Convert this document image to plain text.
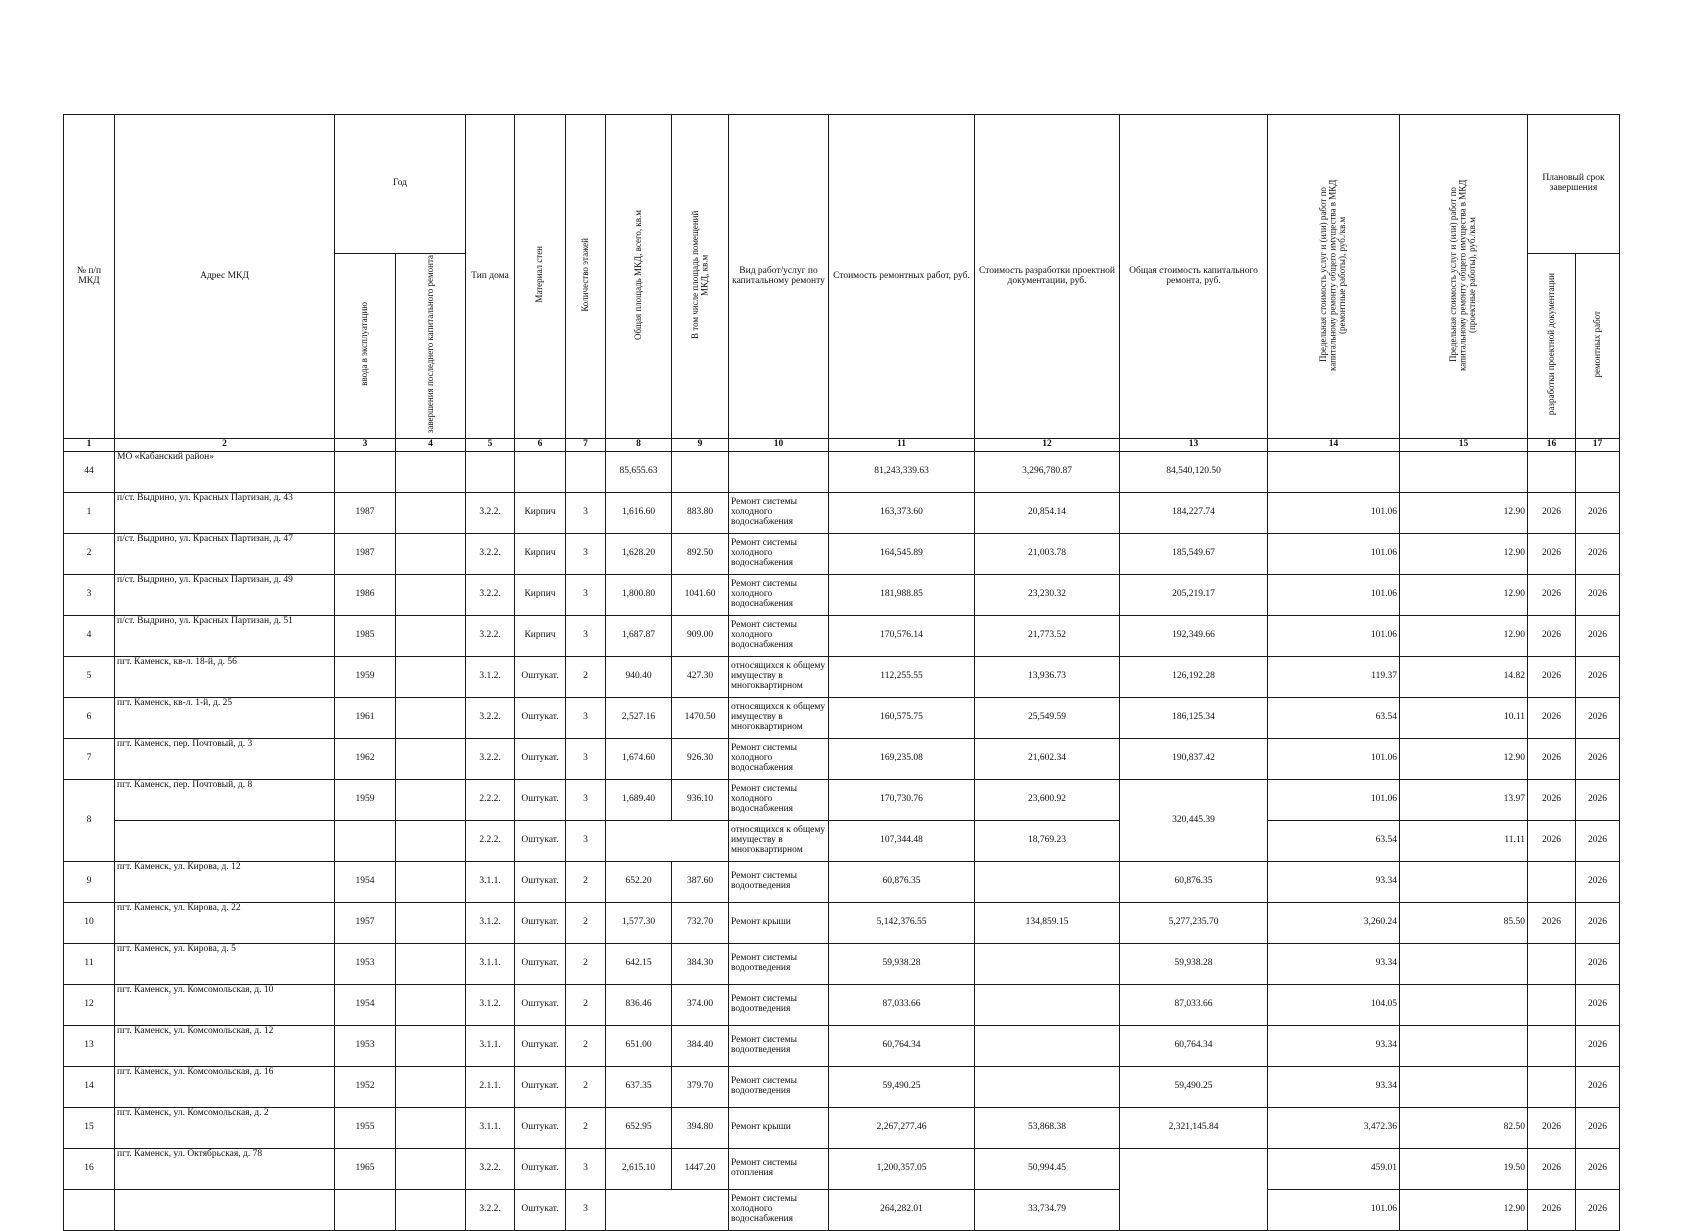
№ п/п МКД	Адрес МКД	Год		Тип дома	Материал стен	Количество этажей	Общая площадь МКД, всего, кв.м	В том числе площадь помещений МКД, кв.м	Вид работ/услуг по капитальному ремонту	Стоимость ремонтных работ, руб.	Стоимость разработки проектной документации, руб.	Общая стоимость капитального ремонта, руб.	Предельная стоимость услуг и (или) работ по капитальному ремонту общего имущества в МКД (ремонтные работы), руб./кв.м	Предельная стоимость услуг и (или) работ по капитальному ремонту общего имущества в МКД (проектные работы), руб./кв.м	Плановый срок завершения	
		ввода в эксплуатацию	завершения последнего капитального ремонта												разработки проектной документации	ремонтных работ
1	2	3	4	5	6	7	8	9	10	11	12	13	14	15	16	17
44	МО «Кабанский район»						85,655.63			81,243,339.63	3,296,780.87	84,540,120.50				
1	п/ст. Выдрино, ул. Красных Партизан, д. 43	1987		3.2.2.	Кирпич	3	1,616.60	883.80	Ремонт системы холодного водоснабжения	163,373.60	20,854.14	184,227.74	101.06	12.90	2026	2026
2	п/ст. Выдрино, ул. Красных Партизан, д. 47	1987		3.2.2.	Кирпич	3	1,628.20	892.50	Ремонт системы холодного водоснабжения	164,545.89	21,003.78	185,549.67	101.06	12.90	2026	2026
3	п/ст. Выдрино, ул. Красных Партизан, д. 49	1986		3.2.2.	Кирпич	3	1,800.80	1041.60	Ремонт системы холодного водоснабжения	181,988.85	23,230.32	205,219.17	101.06	12.90	2026	2026
4	п/ст. Выдрино, ул. Красных Партизан, д. 51	1985		3.2.2.	Кирпич	3	1,687.87	909.00	Ремонт системы холодного водоснабжения	170,576.14	21,773.52	192,349.66	101.06	12.90	2026	2026
5	пгт. Каменск, кв-л. 18-й, д. 56	1959		3.1.2.	Оштукат.	2	940.40	427.30	относящихся к общему имуществу в многоквартирном	112,255.55	13,936.73	126,192.28	119.37	14.82	2026	2026
6	пгт. Каменск, кв-л. 1-й, д. 25	1961		3.2.2.	Оштукат.	3	2,527.16	1470.50	относящихся к общему имуществу в многоквартирном	160,575.75	25,549.59	186,125.34	63.54	10.11	2026	2026
7	пгт. Каменск, пер. Почтовый, д. 3	1962		3.2.2.	Оштукат.	3	1,674.60	926.30	Ремонт системы холодного водоснабжения	169,235.08	21,602.34	190,837.42	101.06	12.90	2026	2026
8	пгт. Каменск, пер. Почтовый, д. 8	1959		2.2.2.	Оштукат.	3	1,689.40	936.10	Ремонт системы холодного водоснабжения	170,730.76	23,600.92	320,445.39	101.06	13.97	2026	2026
				2.2.2.	Оштукат.	3			относящихся к общему имуществу в многоквартирном	107,344.48	18,769.23		63.54	11.11	2026	2026
9	пгт. Каменск, ул. Кирова, д. 12	1954		3.1.1.	Оштукат.	2	652.20	387.60	Ремонт системы водоотведения	60,876.35		60,876.35	93.34			2026
10	пгт. Каменск, ул. Кирова, д. 22	1957		3.1.2.	Оштукат.	2	1,577.30	732.70	Ремонт крыши	5,142,376.55	134,859.15	5,277,235.70	3,260.24	85.50	2026	2026
11	пгт. Каменск, ул. Кирова, д. 5	1953		3.1.1.	Оштукат.	2	642.15	384.30	Ремонт системы водоотведения	59,938.28		59,938.28	93.34			2026
12	пгт. Каменск, ул. Комсомольская, д. 10	1954		3.1.2.	Оштукат.	2	836.46	374.00	Ремонт системы водоотведения	87,033.66		87,033.66	104.05			2026
13	пгт. Каменск, ул. Комсомольская, д. 12	1953		3.1.1.	Оштукат.	2	651.00	384.40	Ремонт системы водоотведения	60,764.34		60,764.34	93.34			2026
14	пгт. Каменск, ул. Комсомольская, д. 16	1952		2.1.1.	Оштукат.	2	637.35	379.70	Ремонт системы водоотведения	59,490.25		59,490.25	93.34			2026
15	пгт. Каменск, ул. Комсомольская, д. 2	1955		3.1.1.	Оштукат.	2	652.95	394.80	Ремонт крыши	2,267,277.46	53,868.38	2,321,145.84	3,472.36	82.50	2026	2026
16	пгт. Каменск, ул. Октябрьская, д. 78	1965		3.2.2.	Оштукат.	3	2,615.10	1447.20	Ремонт системы отопления	1,200,357.05	50,994.45		459.01	19.50	2026	2026
				3.2.2.	Оштукат.	3			Ремонт системы холодного водоснабжения	264,282.01	33,734.79		101.06	12.90	2026	2026
